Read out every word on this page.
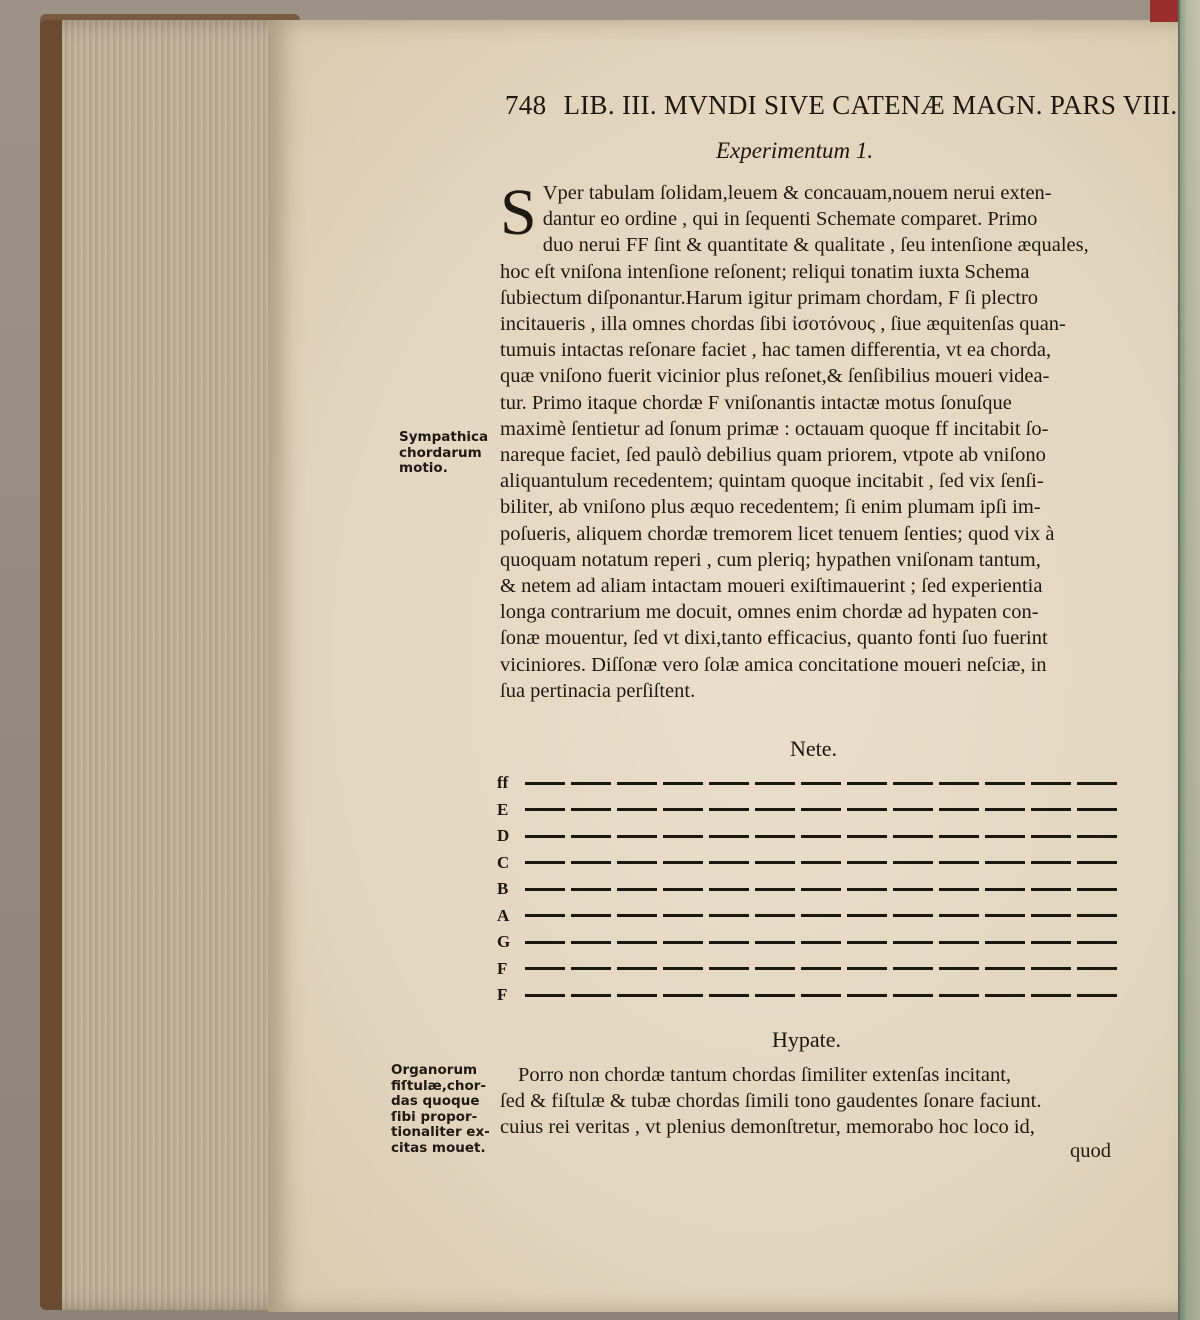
748 LIB. III. MVNDI SIVE CATENÆ MAGN. PARS VIII.
Experimentum 1.
S Vper tabulam ſolidam,leuem & concauam,nouem nerui exten-

dantur eo ordine , qui in ſequenti Schemate comparet. Primo

duo nerui FF ſint & quantitate & qualitate , ſeu intenſione æquales,

hoc eſt vniſona intenſione reſonent; reliqui tonatim iuxta Schema

ſubiectum diſponantur.Harum igitur primam chordam, F ſi plectro

incitaueris , illa omnes chordas ſibi ἰσοτόνους , ſiue æquitenſas quan-

tumuis intactas reſonare faciet , hac tamen differentia, vt ea chorda,

quæ vniſono fuerit vicinior plus reſonet,& ſenſibilius moueri videa-

tur. Primo itaque chordæ F vniſonantis intactæ motus ſonuſque

maximè ſentietur ad ſonum primæ : octauam quoque ff incitabit ſo-

nareque faciet, ſed paulò debilius quam priorem, vtpote ab vniſono

aliquantulum recedentem; quintam quoque incitabit , ſed vix ſenſi-

biliter, ab vniſono plus æquo recedentem; ſi enim plumam ipſi im-

poſueris, aliquem chordæ tremorem licet tenuem ſenties; quod vix à

quoquam notatum reperi , cum pleriq; hypathen vniſonam tantum,

& netem ad aliam intactam moueri exiſtimauerint ; ſed experientia

longa contrarium me docuit, omnes enim chordæ ad hypaten con-

ſonæ mouentur, ſed vt dixi,tanto efficacius, quanto fonti ſuo fuerint

viciniores. Diſſonæ vero ſolæ amica concitatione moueri neſciæ, in

ſua pertinacia perſiſtent.

Sympathica
chordarum
motio.
Nete.
ff
E
D
C
B
A
G
F
F
Hypate.
Organorum
fiſtulæ,chor-
das quoque
ſibi propor-
tionaliter ex-
citas mouet.

Porro non chordæ tantum chordas ſimiliter extenſas incitant,

ſed & fiſtulæ & tubæ chordas ſimili tono gaudentes ſonare faciunt.

cuius rei veritas , vt plenius demonſtretur, memorabo hoc loco id,

quod
